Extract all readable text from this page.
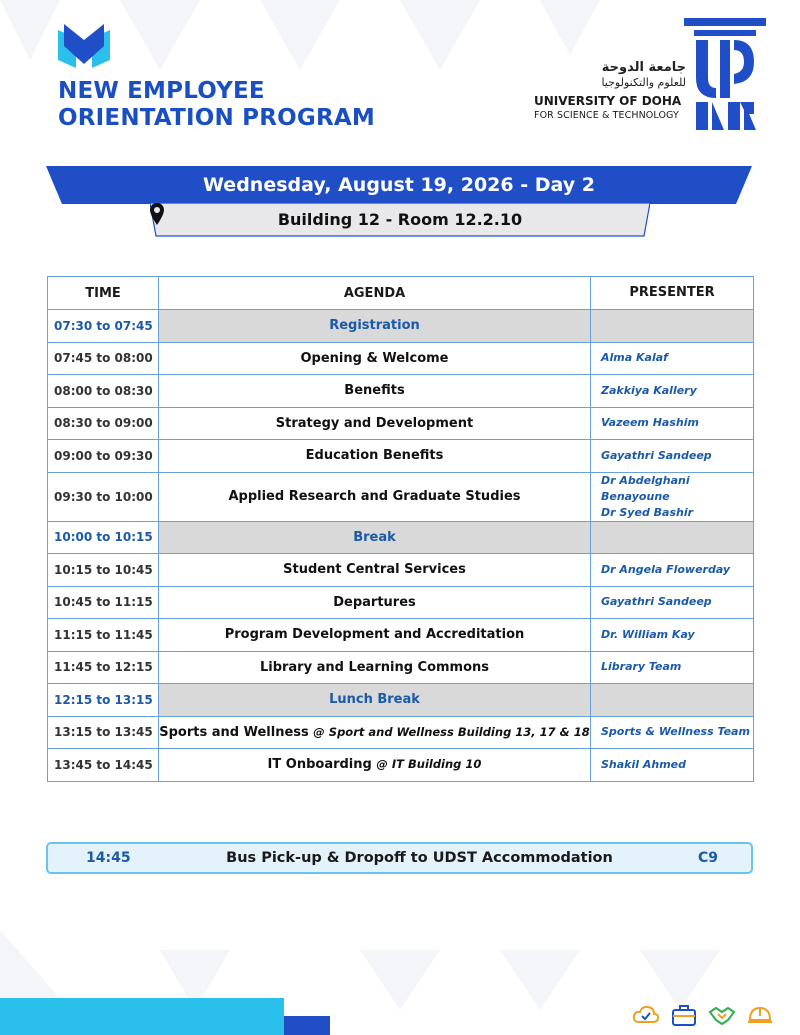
NEW EMPLOYEE
ORIENTATION PROGRAM
جامعة الدوحة
للعلوم والتكنولوجيا
UNIVERSITY OF DOHA
FOR SCIENCE & TECHNOLOGY
Wednesday, August 19, 2026 - Day 2
Building 12 - Room 12.2.10
TIME	AGENDA	PRESENTER
07:30 to 07:45	Registration	
07:45 to 08:00	Opening & Welcome	Alma Kalaf
08:00 to 08:30	Benefits	Zakkiya Kallery
08:30 to 09:00	Strategy and Development	Vazeem Hashim
09:00 to 09:30	Education Benefits	Gayathri Sandeep
09:30 to 10:00	Applied Research and Graduate Studies	Dr Abdelghani Benayoune
Dr Syed Bashir

10:00 to 10:15	Break	
10:15 to 10:45	Student Central Services	Dr Angela Flowerday
10:45 to 11:15	Departures	Gayathri Sandeep
11:15 to 11:45	Program Development and Accreditation	Dr. William Kay
11:45 to 12:15	Library and Learning Commons	Library Team
12:15 to 13:15	Lunch Break	
13:15 to 13:45	Sports and Wellness @ Sport and Wellness Building 13, 17 & 18	Sports & Wellness Team
13:45 to 14:45	IT Onboarding @ IT Building 10	Shakil Ahmed
14:45	Bus Pick-up & Dropoff to UDST Accommodation	C9
